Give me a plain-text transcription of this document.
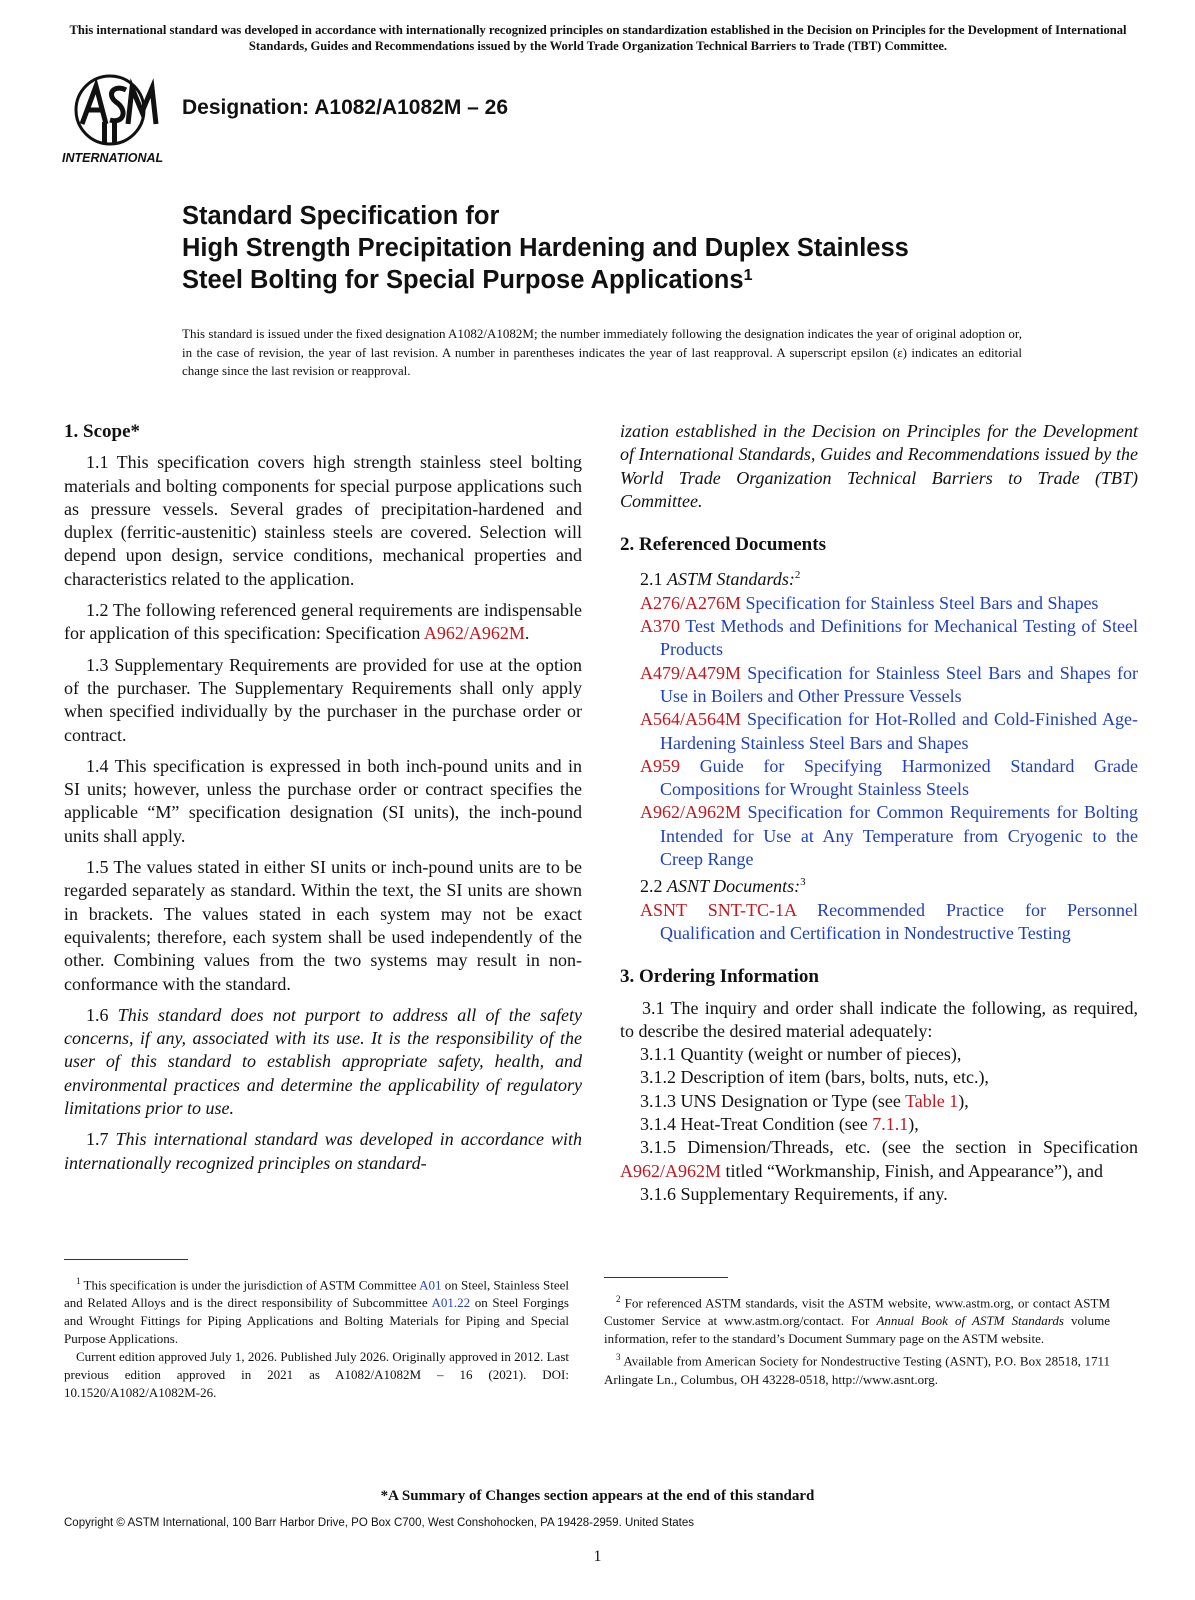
This international standard was developed in accordance with internationally recognized principles on standardization established in the Decision on Principles for the Development of International Standards, Guides and Recommendations issued by the World Trade Organization Technical Barriers to Trade (TBT) Committee.
INTERNATIONAL
Designation: A1082/A1082M – 26
Standard Specification for
High Strength Precipitation Hardening and Duplex Stainless
Steel Bolting for Special Purpose Applications$^1$
This standard is issued under the fixed designation A1082/A1082M; the number immediately following the designation indicates the year of original adoption or, in the case of revision, the year of last revision. A number in parentheses indicates the year of last reapproval. A superscript epsilon (ε) indicates an editorial change since the last revision or reapproval.
1. Scope*

1.1 This specification covers high strength stainless steel bolting materials and bolting components for special purpose applications such as pressure vessels. Several grades of precipitation-hardened and duplex (ferritic-austenitic) stainless steels are covered. Selection will depend upon design, service conditions, mechanical properties and characteristics related to the application.

1.2 The following referenced general requirements are indispensable for application of this specification: Specification A962/A962M.

1.3 Supplementary Requirements are provided for use at the option of the purchaser. The Supplementary Requirements shall only apply when specified individually by the purchaser in the purchase order or contract.

1.4 This specification is expressed in both inch-pound units and in SI units; however, unless the purchase order or contract specifies the applicable “M” specification designation (SI units), the inch-pound units shall apply.

1.5 The values stated in either SI units or inch-pound units are to be regarded separately as standard. Within the text, the SI units are shown in brackets. The values stated in each system may not be exact equivalents; therefore, each system shall be used independently of the other. Combining values from the two systems may result in non-conformance with the standard.

1.6 This standard does not purport to address all of the safety concerns, if any, associated with its use. It is the responsibility of the user of this standard to establish appropriate safety, health, and environmental practices and determine the applicability of regulatory limitations prior to use.

1.7 This international standard was developed in accordance with internationally recognized principles on standard-

ization established in the Decision on Principles for the Development of International Standards, Guides and Recommendations issued by the World Trade Organization Technical Barriers to Trade (TBT) Committee.

2. Referenced Documents
2.1 ASTM Standards:$^2$
A276/A276M Specification for Stainless Steel Bars and Shapes
A370 Test Methods and Definitions for Mechanical Testing of Steel Products
A479/A479M Specification for Stainless Steel Bars and Shapes for Use in Boilers and Other Pressure Vessels
A564/A564M Specification for Hot-Rolled and Cold-Finished Age-Hardening Stainless Steel Bars and Shapes
A959 Guide for Specifying Harmonized Standard Grade Compositions for Wrought Stainless Steels
A962/A962M Specification for Common Requirements for Bolting Intended for Use at Any Temperature from Cryogenic to the Creep Range
2.2 ASNT Documents:$^3$
ASNT SNT-TC-1A Recommended Practice for Personnel Qualification and Certification in Nondestructive Testing
3. Ordering Information

3.1 The inquiry and order shall indicate the following, as required, to describe the desired material adequately:

3.1.1 Quantity (weight or number of pieces),
3.1.2 Description of item (bars, bolts, nuts, etc.),
3.1.3 UNS Designation or Type (see Table 1),
3.1.4 Heat-Treat Condition (see 7.1.1),

3.1.5 Dimension/Threads, etc. (see the section in Specification A962/A962M titled “Workmanship, Finish, and Appearance”), and

3.1.6 Supplementary Requirements, if any.

$^1$ This specification is under the jurisdiction of ASTM Committee A01 on Steel, Stainless Steel and Related Alloys and is the direct responsibility of Subcommittee A01.22 on Steel Forgings and Wrought Fittings for Piping Applications and Bolting Materials for Piping and Special Purpose Applications.

Current edition approved July 1, 2026. Published July 2026. Originally approved in 2012. Last previous edition approved in 2021 as A1082/A1082M – 16 (2021). DOI: 10.1520/A1082/A1082M-26.

$^2$ For referenced ASTM standards, visit the ASTM website, www.astm.org, or contact ASTM Customer Service at www.astm.org/contact. For Annual Book of ASTM Standards volume information, refer to the standard’s Document Summary page on the ASTM website.

$^3$ Available from American Society for Nondestructive Testing (ASNT), P.O. Box 28518, 1711 Arlingate Ln., Columbus, OH 43228-0518, http://www.asnt.org.

*A Summary of Changes section appears at the end of this standard
Copyright © ASTM International, 100 Barr Harbor Drive, PO Box C700, West Conshohocken, PA 19428-2959. United States
1
